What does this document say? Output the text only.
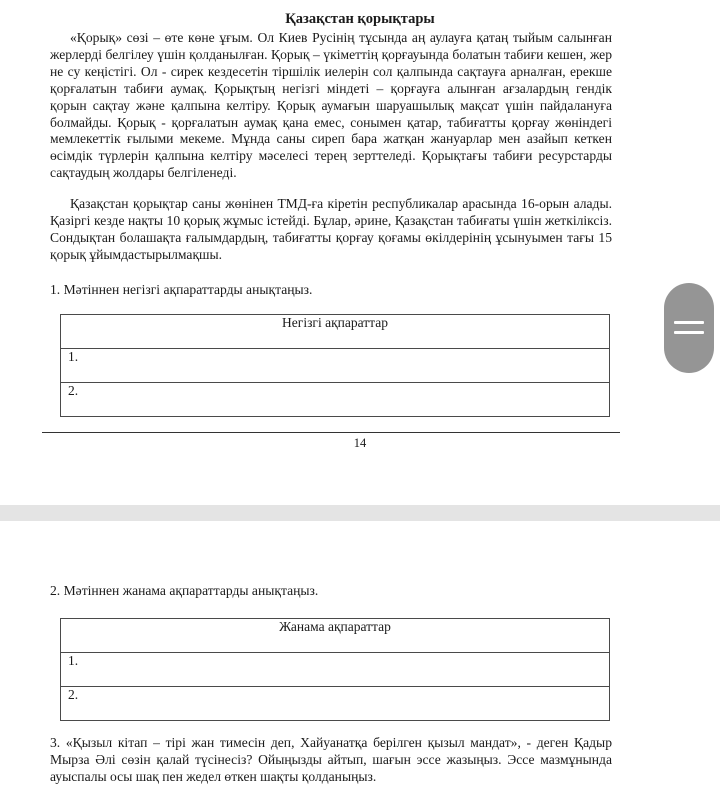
Қазақстан қорықтары

«Қорық» сөзі – өте көне ұғым. Ол Киев Русінің тұсында аң аулауға қатаң тыйым салынған жерлерді белгілеу үшін қолданылған. Қорық – үкіметтің қорғауында болатын табиғи кешен, жер не су кеңістігі. Ол - сирек кездесетін тіршілік иелерін сол қалпында сақтауға арналған, ерекше қорғалатын табиғи аумақ. Қорықтың негізгі міндеті – қорғауға алынған ағзалардың гендік қорын сақтау және қалпына келтіру. Қорық аумағын шаруашылық мақсат үшін пайдалануға болмайды. Қорық - қорғалатын аумақ қана емес, сонымен қатар, табиғатты қорғау жөніндегі мемлекеттік ғылыми мекеме. Мұнда саны сиреп бара жатқан жануарлар мен азайып кеткен өсімдік түрлерін қалпына келтіру мәселесі терең зерттеледі. Қорықтағы табиғи ресурстарды сақтаудың жолдары белгіленеді.

Қазақстан қорықтар саны жөнінен ТМД-ға кіретін республикалар арасында 16-орын алады. Қазіргі кезде нақты 10 қорық жұмыс істейді. Бұлар, әрине, Қазақстан табиғаты үшін жеткіліксіз. Сондықтан болашақта ғалымдардың, табиғатты қорғау қоғамы өкілдерінің ұсынуымен тағы 15 қорық ұйымдастырылмақшы.

1. Мәтіннен негізгі ақпараттарды анықтаңыз.
Негізгі ақпараттар
1.
2.
14
2. Мәтіннен жанама ақпараттарды анықтаңыз.
Жанама ақпараттар
1.
2.

3. «Қызыл кітап – тірі жан тимесін деп, Хайуанатқа берілген қызыл мандат», - деген Қадыр Мырза Әлі сөзін қалай түсінесіз? Ойыңызды айтып, шағын эссе жазыңыз. Эссе мазмұнында ауыспалы осы шақ пен жедел өткен шақты қолданыңыз.
